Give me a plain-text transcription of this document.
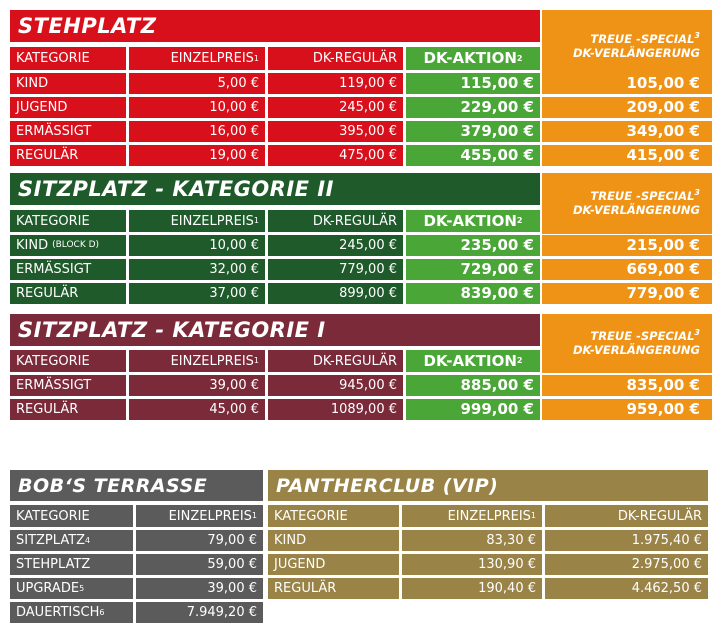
STEHPLATZ
TREUE -SPECIAL$^3$
DK-VERLÄNGERUNG
KATEGORIE	EINZELPREIS 1	DK-REGULÄR	DK-AKTION 2
KIND	5,00 €	119,00 €	115,00 €	105,00 €
JUGEND	10,00 €	245,00 €	229,00 €	209,00 €
ERMÄSSIGT	16,00 €	395,00 €	379,00 €	349,00 €
REGULÄR	19,00 €	475,00 €	455,00 €	415,00 €
SITZPLATZ - KATEGORIE II	TREUE -SPECIAL$^3$
DK-VERLÄNGERUNG
KATEGORIE	EINZELPREIS 1	DK-REGULÄR	DK-AKTION 2
KIND (BLOCK D)	10,00 €	245,00 €	235,00 €	215,00 €
ERMÄSSIGT	32,00 €	779,00 €	729,00 €	669,00 €
REGULÄR	37,00 €	899,00 €	839,00 €	779,00 €
SITZPLATZ - KATEGORIE I	TREUE -SPECIAL$^3$
DK-VERLÄNGERUNG
KATEGORIE	EINZELPREIS 1	DK-REGULÄR	DK-AKTION 2
ERMÄSSIGT	39,00 €	945,00 €	885,00 €	835,00 €
REGULÄR	45,00 €	1089,00 €	999,00 €	959,00 €
BOB‘S TERRASSE
KATEGORIE	EINZELPREIS 1
SITZPLATZ 4	79,00 €
STEHPLATZ	59,00 €
UPGRADE 5	39,00 €
DAUERTISCH 6	7.949,20 €
PANTHERCLUB (VIP)
KATEGORIE	EINZELPREIS 1	DK-REGULÄR
KIND	83,30 €	1.975,40 €
JUGEND	130,90 €	2.975,00 €
REGULÄR	190,40 €	4.462,50 €
